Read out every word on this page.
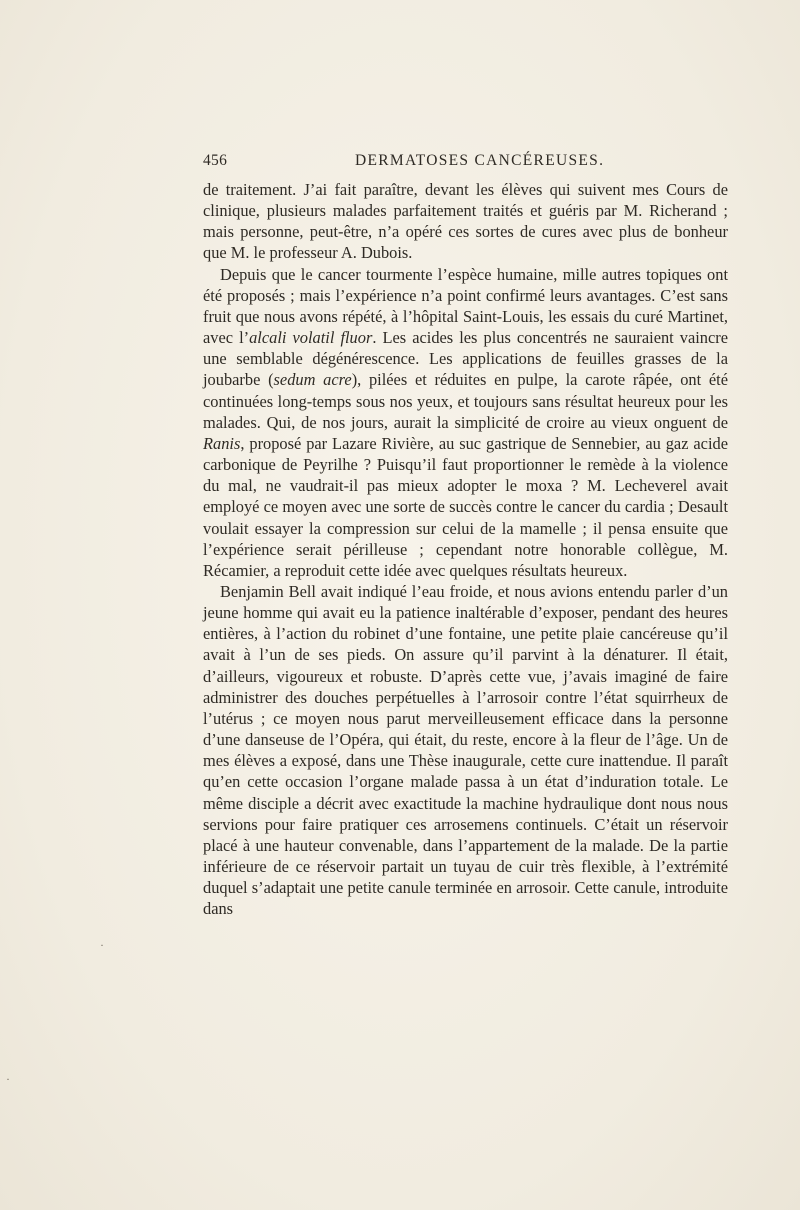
456	DERMATOSES CANCÉREUSES.

de traitement. J’ai fait paraître, devant les élèves qui suivent mes Cours de clinique, plusieurs malades parfaitement traités et guéris par M. Richerand ; mais personne, peut-être, n’a opéré ces sortes de cures avec plus de bonheur que M. le professeur A. Dubois.

Depuis que le cancer tourmente l’espèce humaine, mille autres topiques ont été proposés ; mais l’expérience n’a point confirmé leurs avantages. C’est sans fruit que nous avons répété, à l’hôpital Saint-Louis, les essais du curé Martinet, avec l’alcali volatil fluor. Les acides les plus concentrés ne sauraient vaincre une semblable dégénérescence. Les applications de feuilles grasses de la joubarbe (sedum acre), pilées et réduites en pulpe, la carote râpée, ont été continuées long-temps sous nos yeux, et toujours sans résultat heureux pour les malades. Qui, de nos jours, aurait la simplicité de croire au vieux onguent de Ranis, proposé par Lazare Rivière, au suc gastrique de Sennebier, au gaz acide carbonique de Peyrilhe ? Puisqu’il faut proportionner le remède à la violence du mal, ne vaudrait-il pas mieux adopter le moxa ? M. Lecheverel avait employé ce moyen avec une sorte de succès contre le cancer du cardia ; Desault voulait essayer la compression sur celui de la mamelle ; il pensa ensuite que l’expérience serait périlleuse ; cependant notre honorable collègue, M. Récamier, a reproduit cette idée avec quelques résultats heureux.

Benjamin Bell avait indiqué l’eau froide, et nous avions entendu parler d’un jeune homme qui avait eu la patience inaltérable d’exposer, pendant des heures entières, à l’action du robinet d’une fontaine, une petite plaie cancéreuse qu’il avait à l’un de ses pieds. On assure qu’il parvint à la dénaturer. Il était, d’ailleurs, vigoureux et robuste. D’après cette vue, j’avais imaginé de faire administrer des douches perpétuelles à l’arrosoir contre l’état squirrheux de l’utérus ; ce moyen nous parut merveilleusement efficace dans la personne d’une danseuse de l’Opéra, qui était, du reste, encore à la fleur de l’âge. Un de mes élèves a exposé, dans une Thèse inaugurale, cette cure inattendue. Il paraît qu’en cette occasion l’organe malade passa à un état d’induration totale. Le même disciple a décrit avec exactitude la machine hydraulique dont nous nous servions pour faire pratiquer ces arrosemens continuels. C’était un réservoir placé à une hauteur convenable, dans l’appartement de la malade. De la partie inférieure de ce réservoir partait un tuyau de cuir très flexible, à l’extrémité duquel s’adaptait une petite canule terminée en arrosoir. Cette canule, introduite dans

·
·
